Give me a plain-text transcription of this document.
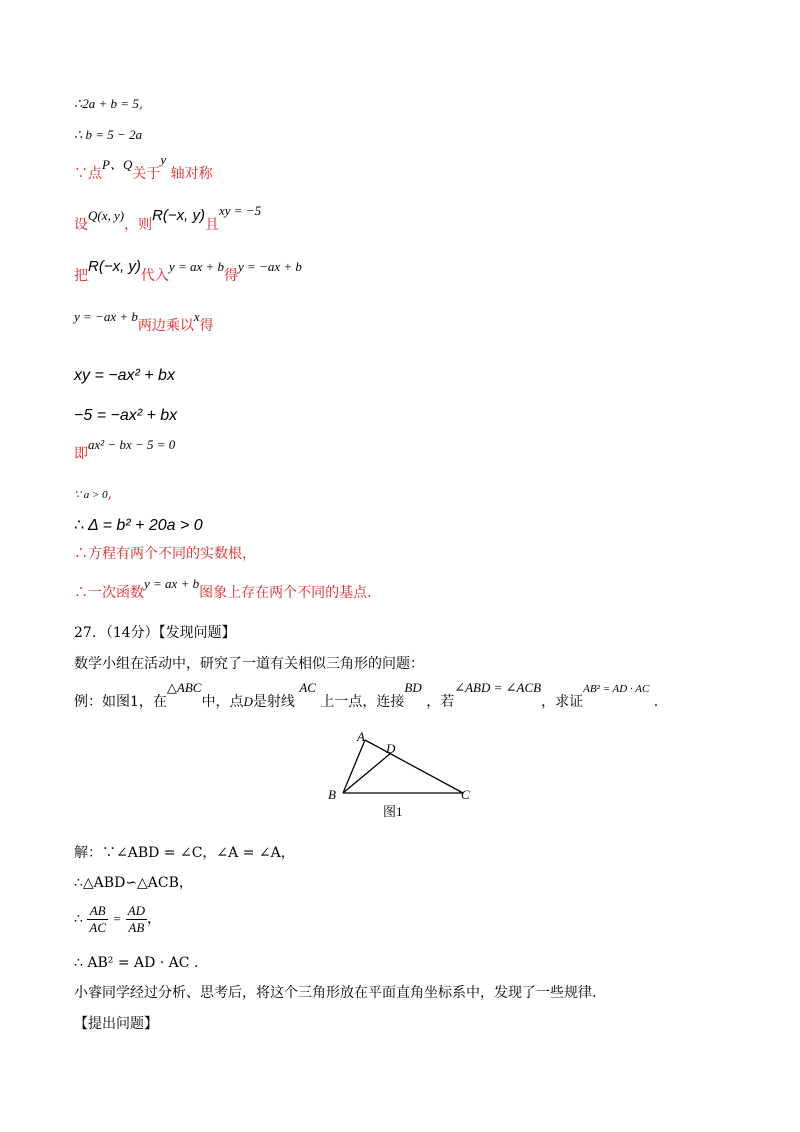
∴2a + b = 5,
∴ b = 5 − 2a
∵点P、Q关于y 轴对称
设Q(x, y)，则R(−x, y)且xy = −5
把R(−x, y)代入y = ax + b得y = −ax + b
y = −ax + b两边乘以x得
xy = −ax² + bx
−5 = −ax² + bx
即ax² − bx − 5 = 0
∵ a > 0,
∴ Δ = b² + 20a > 0
∴方程有两个不同的实数根，
∴一次函数y = ax + b图象上存在两个不同的基点.
27．（14分）【发现问题】
数学小组在活动中，研究了一道有关相似三角形的问题：
例：如图1，在△ABC中，点D是射线 AC 上一点，连接BD ，若∠ABD = ∠ACB，求证$^{AB^2 = AD \cdot AC}$ .
A
D
B	C
图1
解：∵∠ABD = ∠C，∠A = ∠A，
∴△ABD∽△ACB，
∴ $\frac{AB}{AC} = \frac{AD}{AB}$ ，
∴ AB² = AD · AC .
小睿同学经过分析、思考后，将这个三角形放在平面直角坐标系中，发现了一些规律.
【提出问题】
